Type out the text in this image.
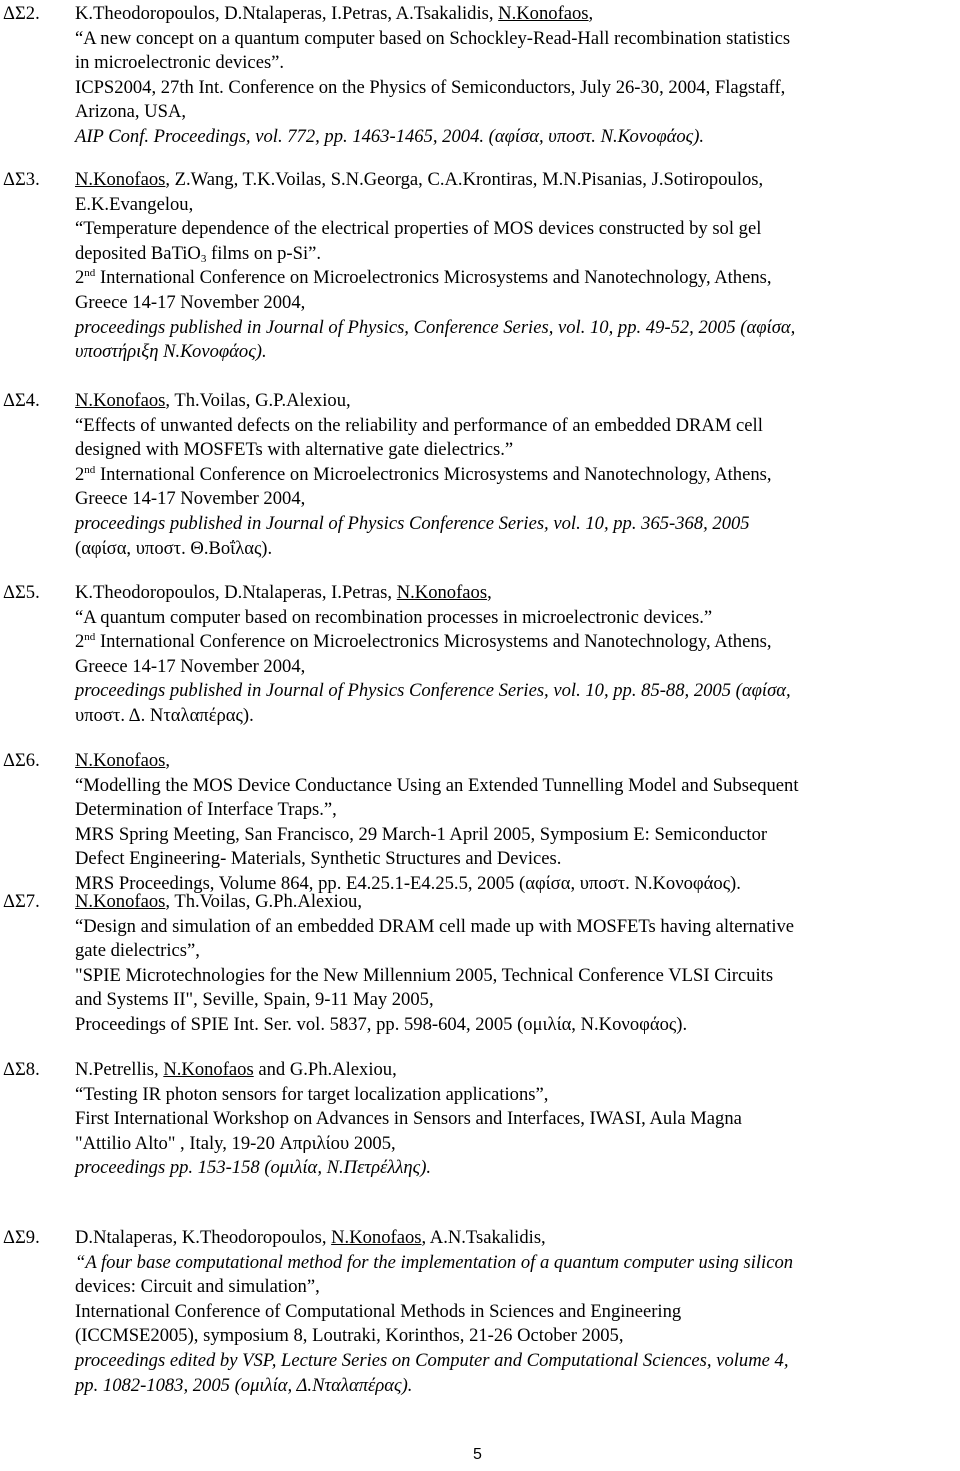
ΔΣ2.	K.Theodoropoulos, D.Ntalaperas, I.Petras, A.Tsakalidis, N.Konofaos,
“A new concept on a quantum computer based on Schockley-Read-Hall recombination statistics
in microelectronic devices”.
ICPS2004, 27th Int. Conference on the Physics of Semiconductors, July 26-30, 2004, Flagstaff,
Arizona, USA,
AIP Conf. Proceedings, vol. 772, pp. 1463-1465, 2004. (αφίσα, υποστ. N.Κονοφάος).
ΔΣ3.	N.Konofaos, Z.Wang, T.K.Voilas, S.N.Georga, C.A.Krontiras, M.N.Pisanias, J.Sotiropoulos,
E.K.Evangelou,
“Temperature dependence of the electrical properties of MOS devices constructed by sol gel
deposited BaTiO$_3$ films on p-Si”.
2nd International Conference on Microelectronics Microsystems and Nanotechnology, Athens,
Greece 14-17 November 2004,
proceedings published in Journal of Physics, Conference Series, vol. 10, pp. 49-52, 2005 (αφίσα,
υποστήριξη Ν.Κονοφάος).
ΔΣ4.	N.Konofaos, Th.Voilas, G.P.Alexiou,
“Effects of unwanted defects on the reliability and performance of an embedded DRAM cell
designed with MOSFETs with alternative gate dielectrics.”
2nd International Conference on Microelectronics Microsystems and Nanotechnology, Athens,
Greece 14-17 November 2004,
proceedings published in Journal of Physics Conference Series, vol. 10, pp. 365-368, 2005
(αφίσα, υποστ. Θ.Βοΐλας).
ΔΣ5.	K.Theodoropoulos, D.Ntalaperas, I.Petras, N.Konofaos,
“A quantum computer based on recombination processes in microelectronic devices.”
2nd International Conference on Microelectronics Microsystems and Nanotechnology, Athens,
Greece 14-17 November 2004,
proceedings published in Journal of Physics Conference Series, vol. 10, pp. 85-88, 2005 (αφίσα,
υποστ. Δ. Νταλαπέρας).
ΔΣ6.	N.Konofaos,
“Modelling the MOS Device Conductance Using an Extended Tunnelling Model and Subsequent
Determination of Interface Traps.”,
MRS Spring Meeting, San Francisco, 29 March-1 April 2005, Symposium E: Semiconductor
Defect Engineering- Materials, Synthetic Structures and Devices.
MRS Proceedings, Volume 864, pp. E4.25.1-E4.25.5, 2005 (αφίσα, υποστ. Ν.Κονοφάος).
ΔΣ7.	N.Konofaos, Th.Voilas, G.Ph.Alexiou,
“Design and simulation of an embedded DRAM cell made up with MOSFETs having alternative
gate dielectrics”,
"SPIE Microtechnologies for the New Millennium 2005, Technical Conference VLSI Circuits
and Systems II", Seville, Spain, 9-11 May 2005,
Proceedings of SPIE Int. Ser. vol. 5837, pp. 598-604, 2005 (ομιλία, Ν.Κονοφάος).
ΔΣ8.	N.Petrellis, N.Konofaos and G.Ph.Alexiou,
“Testing IR photon sensors for target localization applications”,
First International Workshop on Advances in Sensors and Interfaces, IWASI, Aula Magna
"Attilio Alto" , Italy, 19-20 Απριλίου 2005,
proceedings pp. 153-158 (ομιλία, Ν.Πετρέλλης).
ΔΣ9.	D.Ntalaperas, K.Theodoropoulos, N.Konofaos, A.N.Tsakalidis,
“A four base computational method for the implementation of a quantum computer using silicon
devices: Circuit and simulation”,
International Conference of Computational Methods in Sciences and Engineering
(ICCMSE2005), symposium 8, Loutraki, Korinthos, 21-26 October 2005,
proceedings edited by VSP, Lecture Series on Computer and Computational Sciences, volume 4,
pp. 1082-1083, 2005 (ομιλία, Δ.Νταλαπέρας).
5
